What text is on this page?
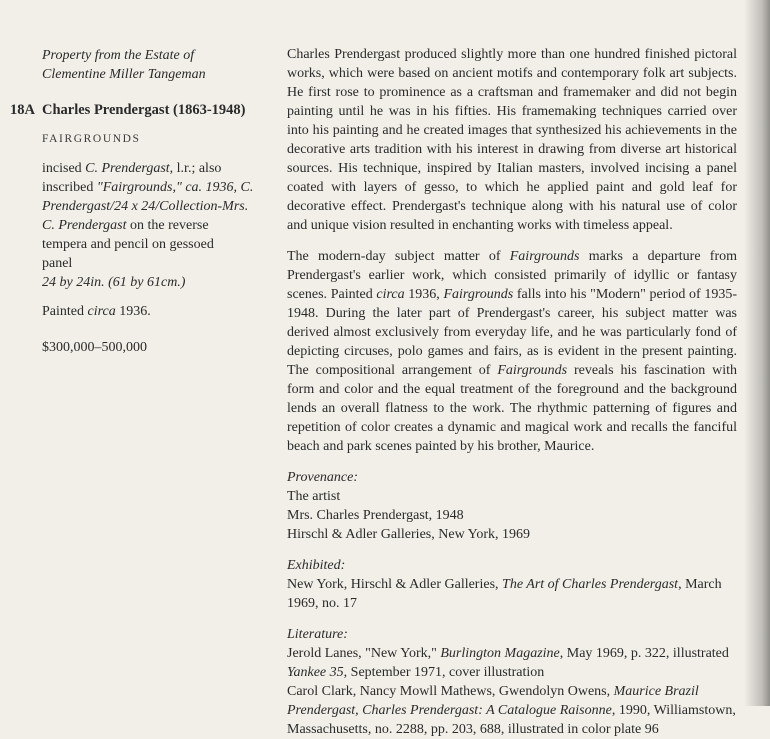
Property from the Estate of

Clementine Miller Tangeman

18A Charles Prendergast (1863-1948)
FAIRGROUNDS

incised C. Prendergast, l.r.; also

inscribed "Fairgrounds," ca. 1936, C.

Prendergast/24 x 24/Collection-Mrs.

C. Prendergast on the reverse

tempera and pencil on gessoed

panel

24 by 24in. (61 by 61cm.)

Painted circa 1936.
$300,000–500,000

Charles Prendergast produced slightly more than one hundred finished pictoral works, which were based on ancient motifs and contemporary folk art subjects. He first rose to prominence as a craftsman and framemaker and did not begin painting until he was in his fifties. His framemaking techniques carried over into his painting and he created images that synthesized his achievements in the decorative arts tradition with his interest in drawing from diverse art historical sources. His technique, inspired by Italian masters, involved incising a panel coated with layers of gesso, to which he applied paint and gold leaf for decorative effect. Prendergast's technique along with his natural use of color and unique vision resulted in enchanting works with timeless appeal.

The modern-day subject matter of Fairgrounds marks a departure from Prendergast's earlier work, which consisted primarily of idyllic or fantasy scenes. Painted circa 1936, Fairgrounds falls into his "Modern" period of 1935-1948. During the later part of Prendergast's career, his subject matter was derived almost exclusively from everyday life, and he was particularly fond of depicting circuses, polo games and fairs, as is evident in the present painting. The compositional arrangement of Fairgrounds reveals his fascination with form and color and the equal treatment of the foreground and the background lends an overall flatness to the work. The rhythmic patterning of figures and repetition of color creates a dynamic and magical work and recalls the fanciful beach and park scenes painted by his brother, Maurice.

Provenance:

The artist

Mrs. Charles Prendergast, 1948

Hirschl & Adler Galleries, New York, 1969

Exhibited:

New York, Hirschl & Adler Galleries, The Art of Charles Prendergast, March 1969, no. 17

Literature:

Jerold Lanes, "New York," Burlington Magazine, May 1969, p. 322, illustrated

Yankee 35, September 1971, cover illustration

Carol Clark, Nancy Mowll Mathews, Gwendolyn Owens, Maurice Brazil Prendergast, Charles Prendergast: A Catalogue Raisonne, 1990, Williamstown, Massachusetts, no. 2288, pp. 203, 688, illustrated in color plate 96
